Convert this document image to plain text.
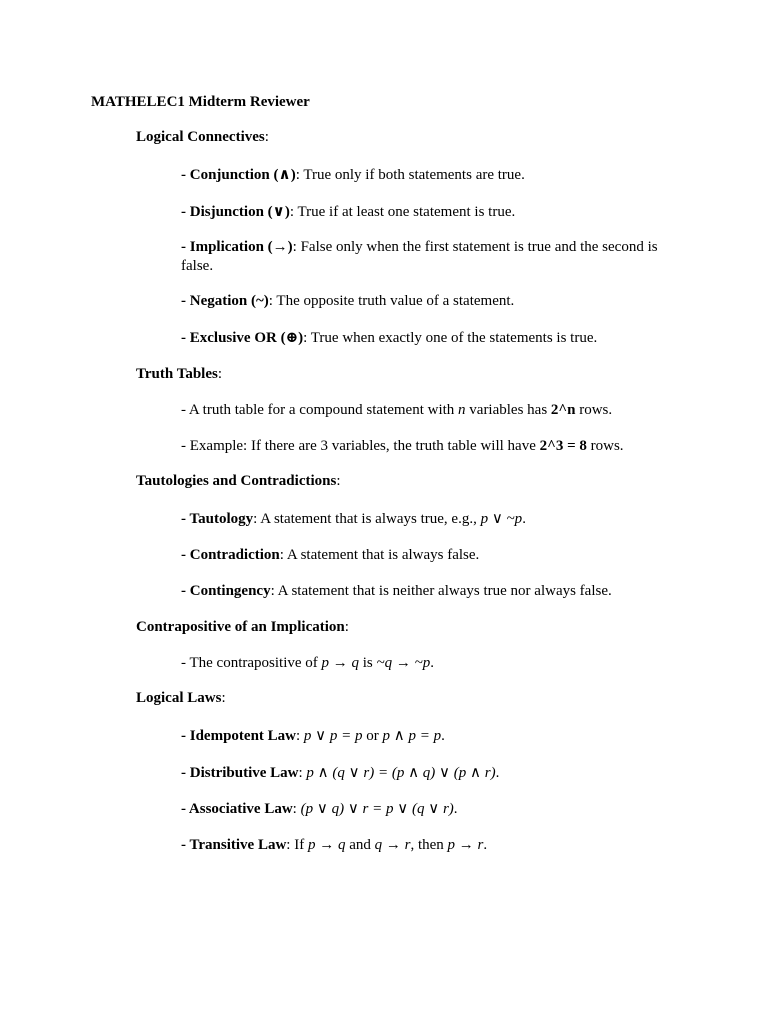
MATHELEC1 Midterm Reviewer

Logical Connectives:

- Conjunction (∧): True only if both statements are true.

- Disjunction (∨): True if at least one statement is true.

- Implication (→): False only when the first statement is true and the second is false.

- Negation (~): The opposite truth value of a statement.

- Exclusive OR (⊕): True when exactly one of the statements is true.

Truth Tables:

- A truth table for a compound statement with n variables has 2^n rows.

- Example: If there are 3 variables, the truth table will have 2^3 = 8 rows.

Tautologies and Contradictions:

- Tautology: A statement that is always true, e.g., p ∨ ~p.

- Contradiction: A statement that is always false.

- Contingency: A statement that is neither always true nor always false.

Contrapositive of an Implication:

- The contrapositive of p → q is ~q → ~p.

Logical Laws:

- Idempotent Law: p ∨ p = p or p ∧ p = p.

- Distributive Law: p ∧ (q ∨ r) = (p ∧ q) ∨ (p ∧ r).

- Associative Law: (p ∨ q) ∨ r = p ∨ (q ∨ r).

- Transitive Law: If p → q and q → r, then p → r.
